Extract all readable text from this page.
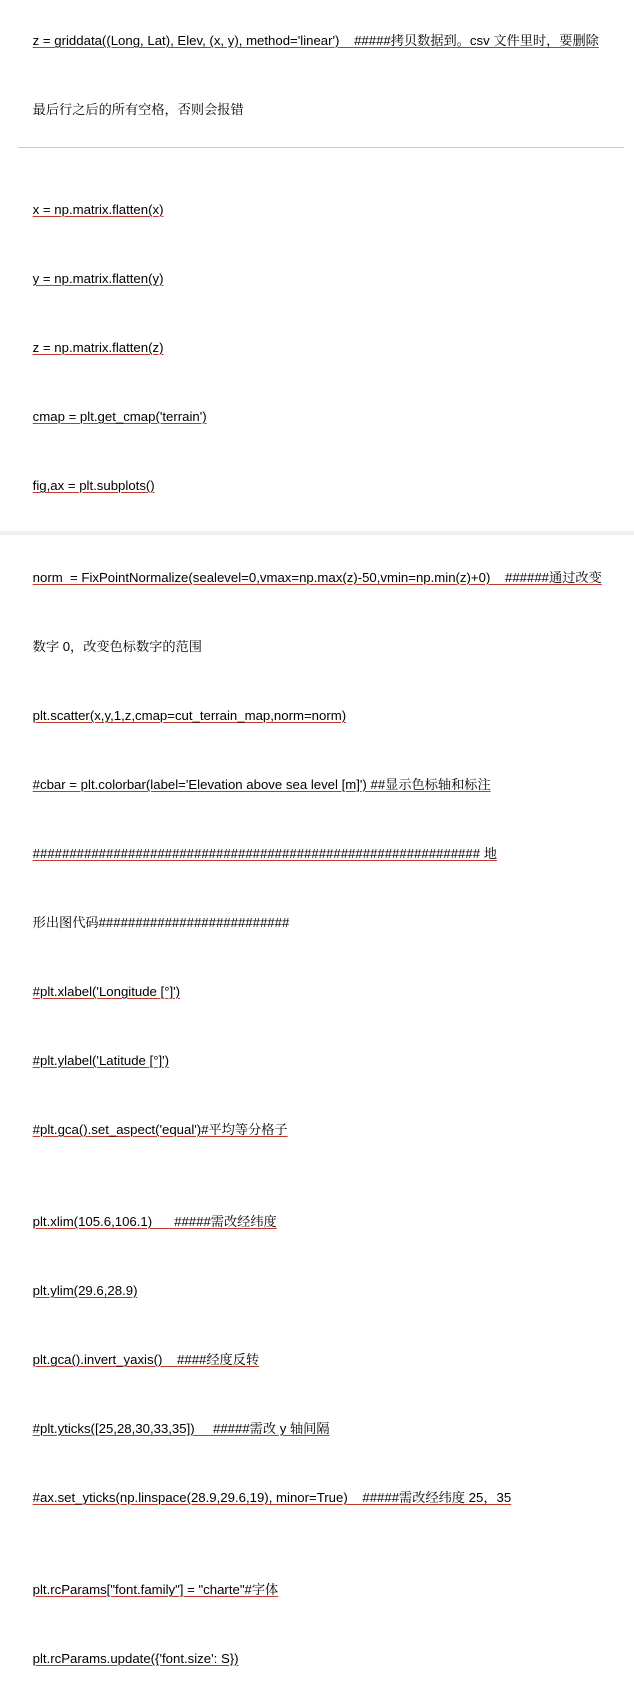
z = griddata((Long, Lat), Elev, (x, y), method='linear')    #####拷贝数据到。csv 文件里时，要删除

最后行之后的所有空格，否则会报错

x = np.matrix.flatten(x)

y = np.matrix.flatten(y)

z = np.matrix.flatten(z)

cmap = plt.get_cmap('terrain')

fig,ax = plt.subplots()

norm  = FixPointNormalize(sealevel=0,vmax=np.max(z)-50,vmin=np.min(z)+0)    ######通过改变

数字 0，改变色标数字的范围

plt.scatter(x,y,1,z,cmap=cut_terrain_map,norm=norm)

#cbar = plt.colorbar(label='Elevation above sea level [m]') ##显示色标轴和标注

############################################################# 地

形出图代码##########################

#plt.xlabel('Longitude [°]')

#plt.ylabel('Latitude [°]')

#plt.gca().set_aspect('equal')#平均等分格子

plt.xlim(105.6,106.1)      #####需改经纬度

plt.ylim(29.6,28.9)

plt.gca().invert_yaxis()    ####经度反转

#plt.yticks([25,28,30,33,35])     #####需改 y 轴间隔

#ax.set_yticks(np.linspace(28.9,29.6,19), minor=True)    #####需改经纬度 25，35

plt.rcParams["font.family"] = "charte"#字体

plt.rcParams.update({'font.size': S})
